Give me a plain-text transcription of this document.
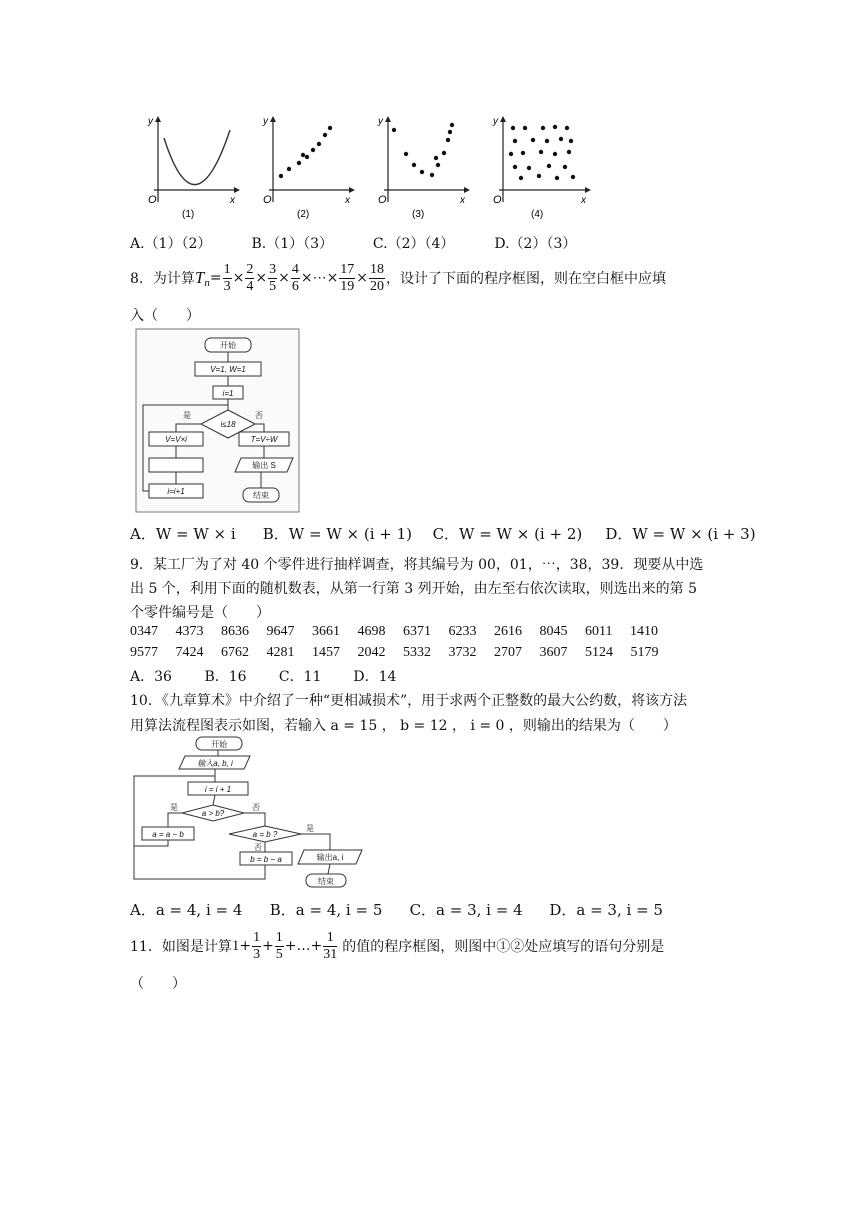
y
x
O
(1)
y
x
O
(2)
y
x
O
(3)
y
x
O
(4)
A.（1）（2）	B.（1）（3）	C.（2）（4）	D.（2）（3）
8．为计算 $T_n = \frac{1}{3} \times \frac{2}{4} \times \frac{3}{5} \times \frac{4}{6}$ × ⋯ × $\frac{17}{19} \times \frac{18}{20}$ ，设计了下面的程序框图，则在空白框中应填
入（　　）
开始
V=1, W=1
i=1
i≤18
是	否
V=V×i
i=i+1
T=V÷W
输出 S
结束
A．W = W × i B．W = W × (i + 1) C．W = W × (i + 2) D．W = W × (i + 3)
9．某工厂为了对 40 个零件进行抽样调查，将其编号为 00，01，⋯，38，39．现要从中选
出 5 个，利用下面的随机数表，从第一行第 3 列开始，由左至右依次读取，则选出来的第 5
个零件编号是（　　）
0347 4373 8636 9647 3661 4698 6371 6233 2616 8045 6011 1410
9577 7424 6762 4281 1457 2042 5332 3732 2707 3607 5124 5179
A．36 B．16 C．11 D．14
10．《九章算术》中介绍了一种“更相减损术”，用于求两个正整数的最大公约数，将该方法
用算法流程图表示如图，若输入 a = 15 ， b = 12 ， i = 0 ，则输出的结果为（　　）
开始
输入a, b, i
i = i + 1
a > b?
是	否
a = a − b	a = b ?
是
否
b = b − a	输出a, i
结束
A．a = 4, i = 4 B．a = 4, i = 5 C．a = 3, i = 4 D．a = 3, i = 5
11．如图是计算 $1 + \frac{1}{3} + \frac{1}{5}$ + … + $\frac{1}{31}$ 的值的程序框图，则图中①②处应填写的语句分别是
（　　）
